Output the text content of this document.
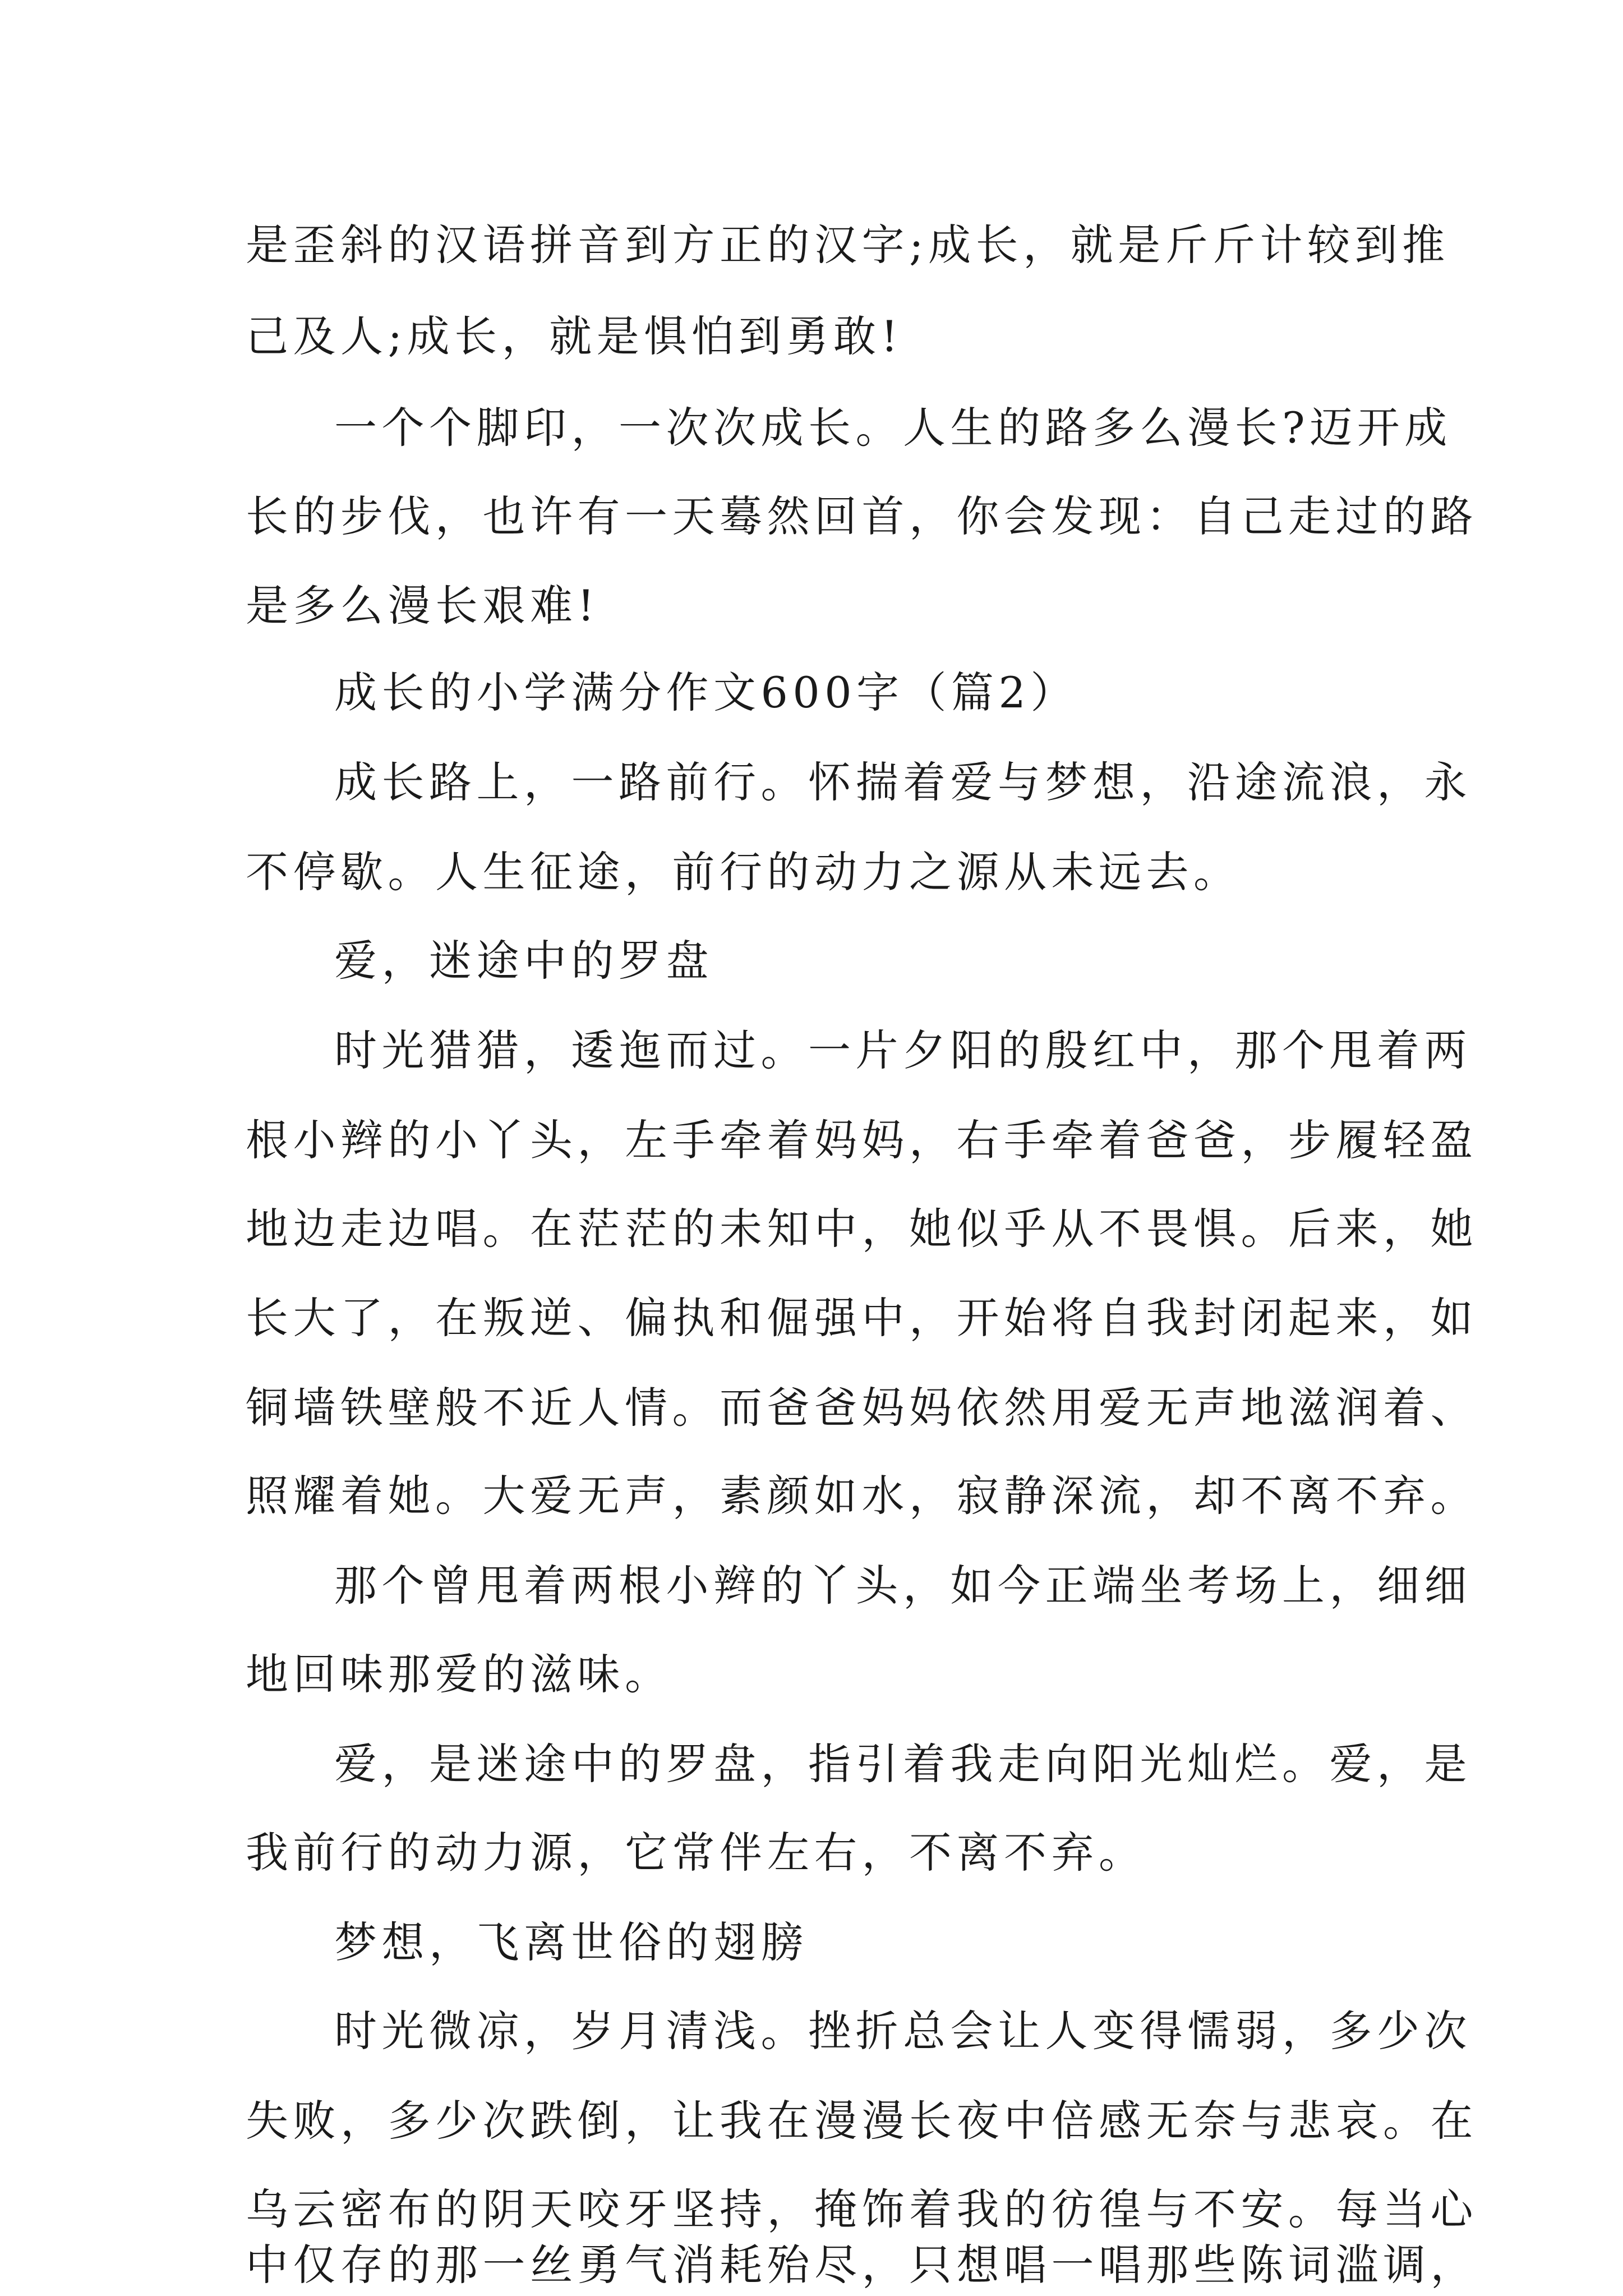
是歪斜的汉语拼音到方正的汉字;成长，就是斤斤计较到推
己及人;成长，就是惧怕到勇敢!
一个个脚印，一次次成长。人生的路多么漫长?迈开成
长的步伐，也许有一天蓦然回首，你会发现：自己走过的路
是多么漫长艰难!
成长的小学满分作文600字（篇2）
成长路上，一路前行。怀揣着爱与梦想，沿途流浪，永
不停歇。人生征途，前行的动力之源从未远去。
爱，迷途中的罗盘
时光猎猎，逶迤而过。一片夕阳的殷红中，那个甩着两
根小辫的小丫头，左手牵着妈妈，右手牵着爸爸，步履轻盈
地边走边唱。在茫茫的未知中，她似乎从不畏惧。后来，她
长大了，在叛逆、偏执和倔强中，开始将自我封闭起来，如
铜墙铁壁般不近人情。而爸爸妈妈依然用爱无声地滋润着、
照耀着她。大爱无声，素颜如水，寂静深流，却不离不弃。
那个曾甩着两根小辫的丫头，如今正端坐考场上，细细
地回味那爱的滋味。
爱，是迷途中的罗盘，指引着我走向阳光灿烂。爱，是
我前行的动力源，它常伴左右，不离不弃。
梦想，飞离世俗的翅膀
时光微凉，岁月清浅。挫折总会让人变得懦弱，多少次
失败，多少次跌倒，让我在漫漫长夜中倍感无奈与悲哀。在
乌云密布的阴天咬牙坚持，掩饰着我的彷徨与不安。每当心
中仅存的那一丝勇气消耗殆尽，只想唱一唱那些陈词滥调，
